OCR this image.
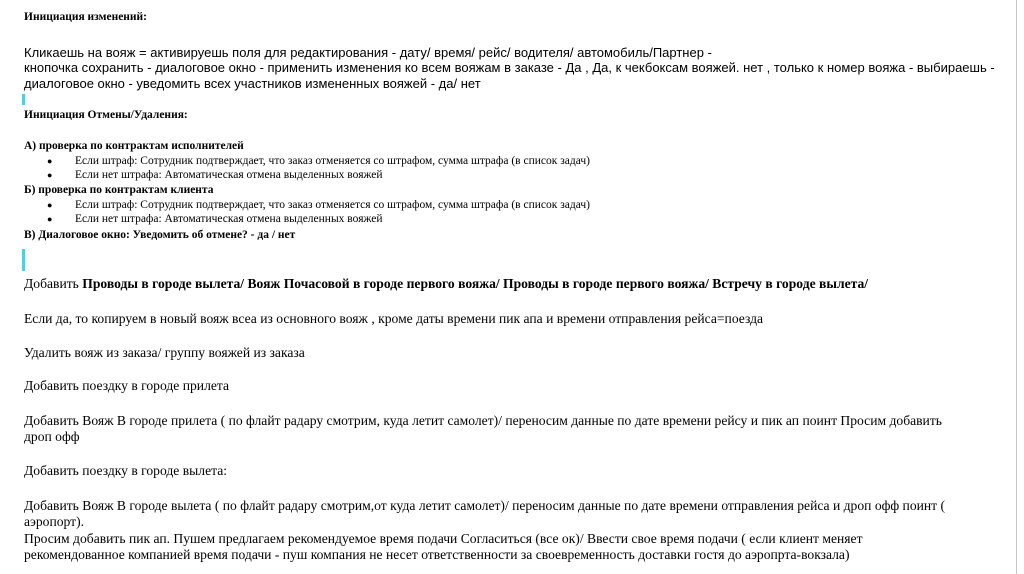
Инициация изменений:
Кликаешь на вояж = активируешь поля для редактирования - дату/ время/ рейс/ водителя/ автомобиль/Партнер -
кнопочка сохранить - диалоговое окно - применить изменения ко всем вояжам в заказе - Да , Да, к чекбоксам вояжей. нет , только к номер вояжа - выбираешь -
диалоговое окно - уведомить всех участников измененных вояжей - да/ нет
Инициация Отмены/Удаления:
А) проверка по контрактам исполнителей
● Если штраф: Сотрудник подтверждает, что заказ отменяется со штрафом, сумма штрафа (в список задач)
● Если нет штрафа: Автоматическая отмена выделенных вояжей
Б) проверка по контрактам клиента
● Если штраф: Сотрудник подтверждает, что заказ отменяется со штрафом, сумма штрафа (в список задач)
● Если нет штрафа: Автоматическая отмена выделенных вояжей
В) Диалоговое окно: Уведомить об отмене? - да / нет
Добавить Проводы в городе вылета/ Вояж Почасовой в городе первого вояжа/ Проводы в городе первого вояжа/ Встречу в городе вылета/
Если да, то копируем в новый вояж всеа из основного вояж , кроме даты времени пик апа и времени отправления рейса=поезда
Удалить вояж из заказа/ группу вояжей из заказа
Добавить поездку в городе прилета
Добавить Вояж В городе прилета ( по флайт радару смотрим, куда летит самолет)/ переносим данные по дате времени рейсу и пик ап поинт Просим добавить
дроп офф
Добавить поездку в городе вылета:
Добавить Вояж В городе вылета ( по флайт радару смотрим,от куда летит самолет)/ переносим данные по дате времени отправления рейса и дроп офф поинт (
аэропорт).
Просим добавить пик ап. Пушем предлагаем рекомендуемое время подачи Согласиться (все ок)/ Ввести свое время подачи ( если клиент меняет
рекомендованное компанией время подачи - пуш компания не несет ответственности за своевременность доставки гостя до аэропрта-вокзала)
